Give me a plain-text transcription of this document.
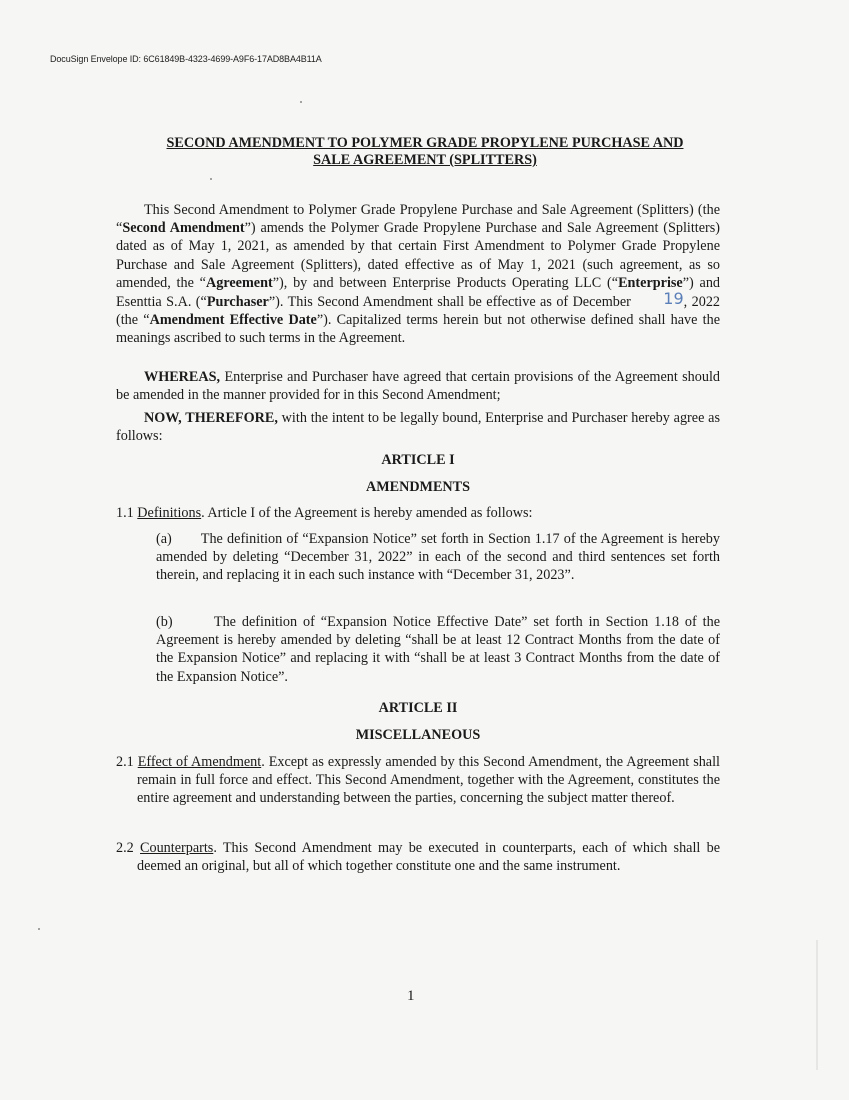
DocuSign Envelope ID: 6C61849B-4323-4699-A9F6-17AD8BA4B11A
SECOND AMENDMENT TO POLYMER GRADE PROPYLENE PURCHASE AND
SALE AGREEMENT (SPLITTERS)
This Second Amendment to Polymer Grade Propylene Purchase and Sale Agreement (Splitters) (the “Second Amendment”) amends the Polymer Grade Propylene Purchase and Sale Agreement (Splitters) dated as of May 1, 2021, as amended by that certain First Amendment to Polymer Grade Propylene Purchase and Sale Agreement (Splitters), dated effective as of May 1, 2021 (such agreement, as so amended, the “Agreement”), by and between Enterprise Products Operating LLC (“Enterprise”) and Esenttia S.A. (“Purchaser”). This Second Amendment shall be effective as of December 19, 2022 (the “Amendment Effective Date”). Capitalized terms herein but not otherwise defined shall have the meanings ascribed to such terms in the Agreement.
WHEREAS, Enterprise and Purchaser have agreed that certain provisions of the Agreement should be amended in the manner provided for in this Second Amendment;
NOW, THEREFORE, with the intent to be legally bound, Enterprise and Purchaser hereby agree as follows:
ARTICLE I
AMENDMENTS
1.1 Definitions. Article I of the Agreement is hereby amended as follows:
(a)       The definition of “Expansion Notice” set forth in Section 1.17 of the Agreement is hereby amended by deleting “December 31, 2022” in each of the second and third sentences set forth therein, and replacing it in each such instance with “December 31, 2023”.
(b)       The definition of “Expansion Notice Effective Date” set forth in Section 1.18 of the Agreement is hereby amended by deleting “shall be at least 12 Contract Months from the date of the Expansion Notice” and replacing it with “shall be at least 3 Contract Months from the date of the Expansion Notice”.
ARTICLE II
MISCELLANEOUS
2.1 Effect of Amendment. Except as expressly amended by this Second Amendment, the Agreement shall remain in full force and effect. This Second Amendment, together with the Agreement, constitutes the entire agreement and understanding between the parties, concerning the subject matter thereof.
2.2 Counterparts. This Second Amendment may be executed in counterparts, each of which shall be deemed an original, but all of which together constitute one and the same instrument.
1
